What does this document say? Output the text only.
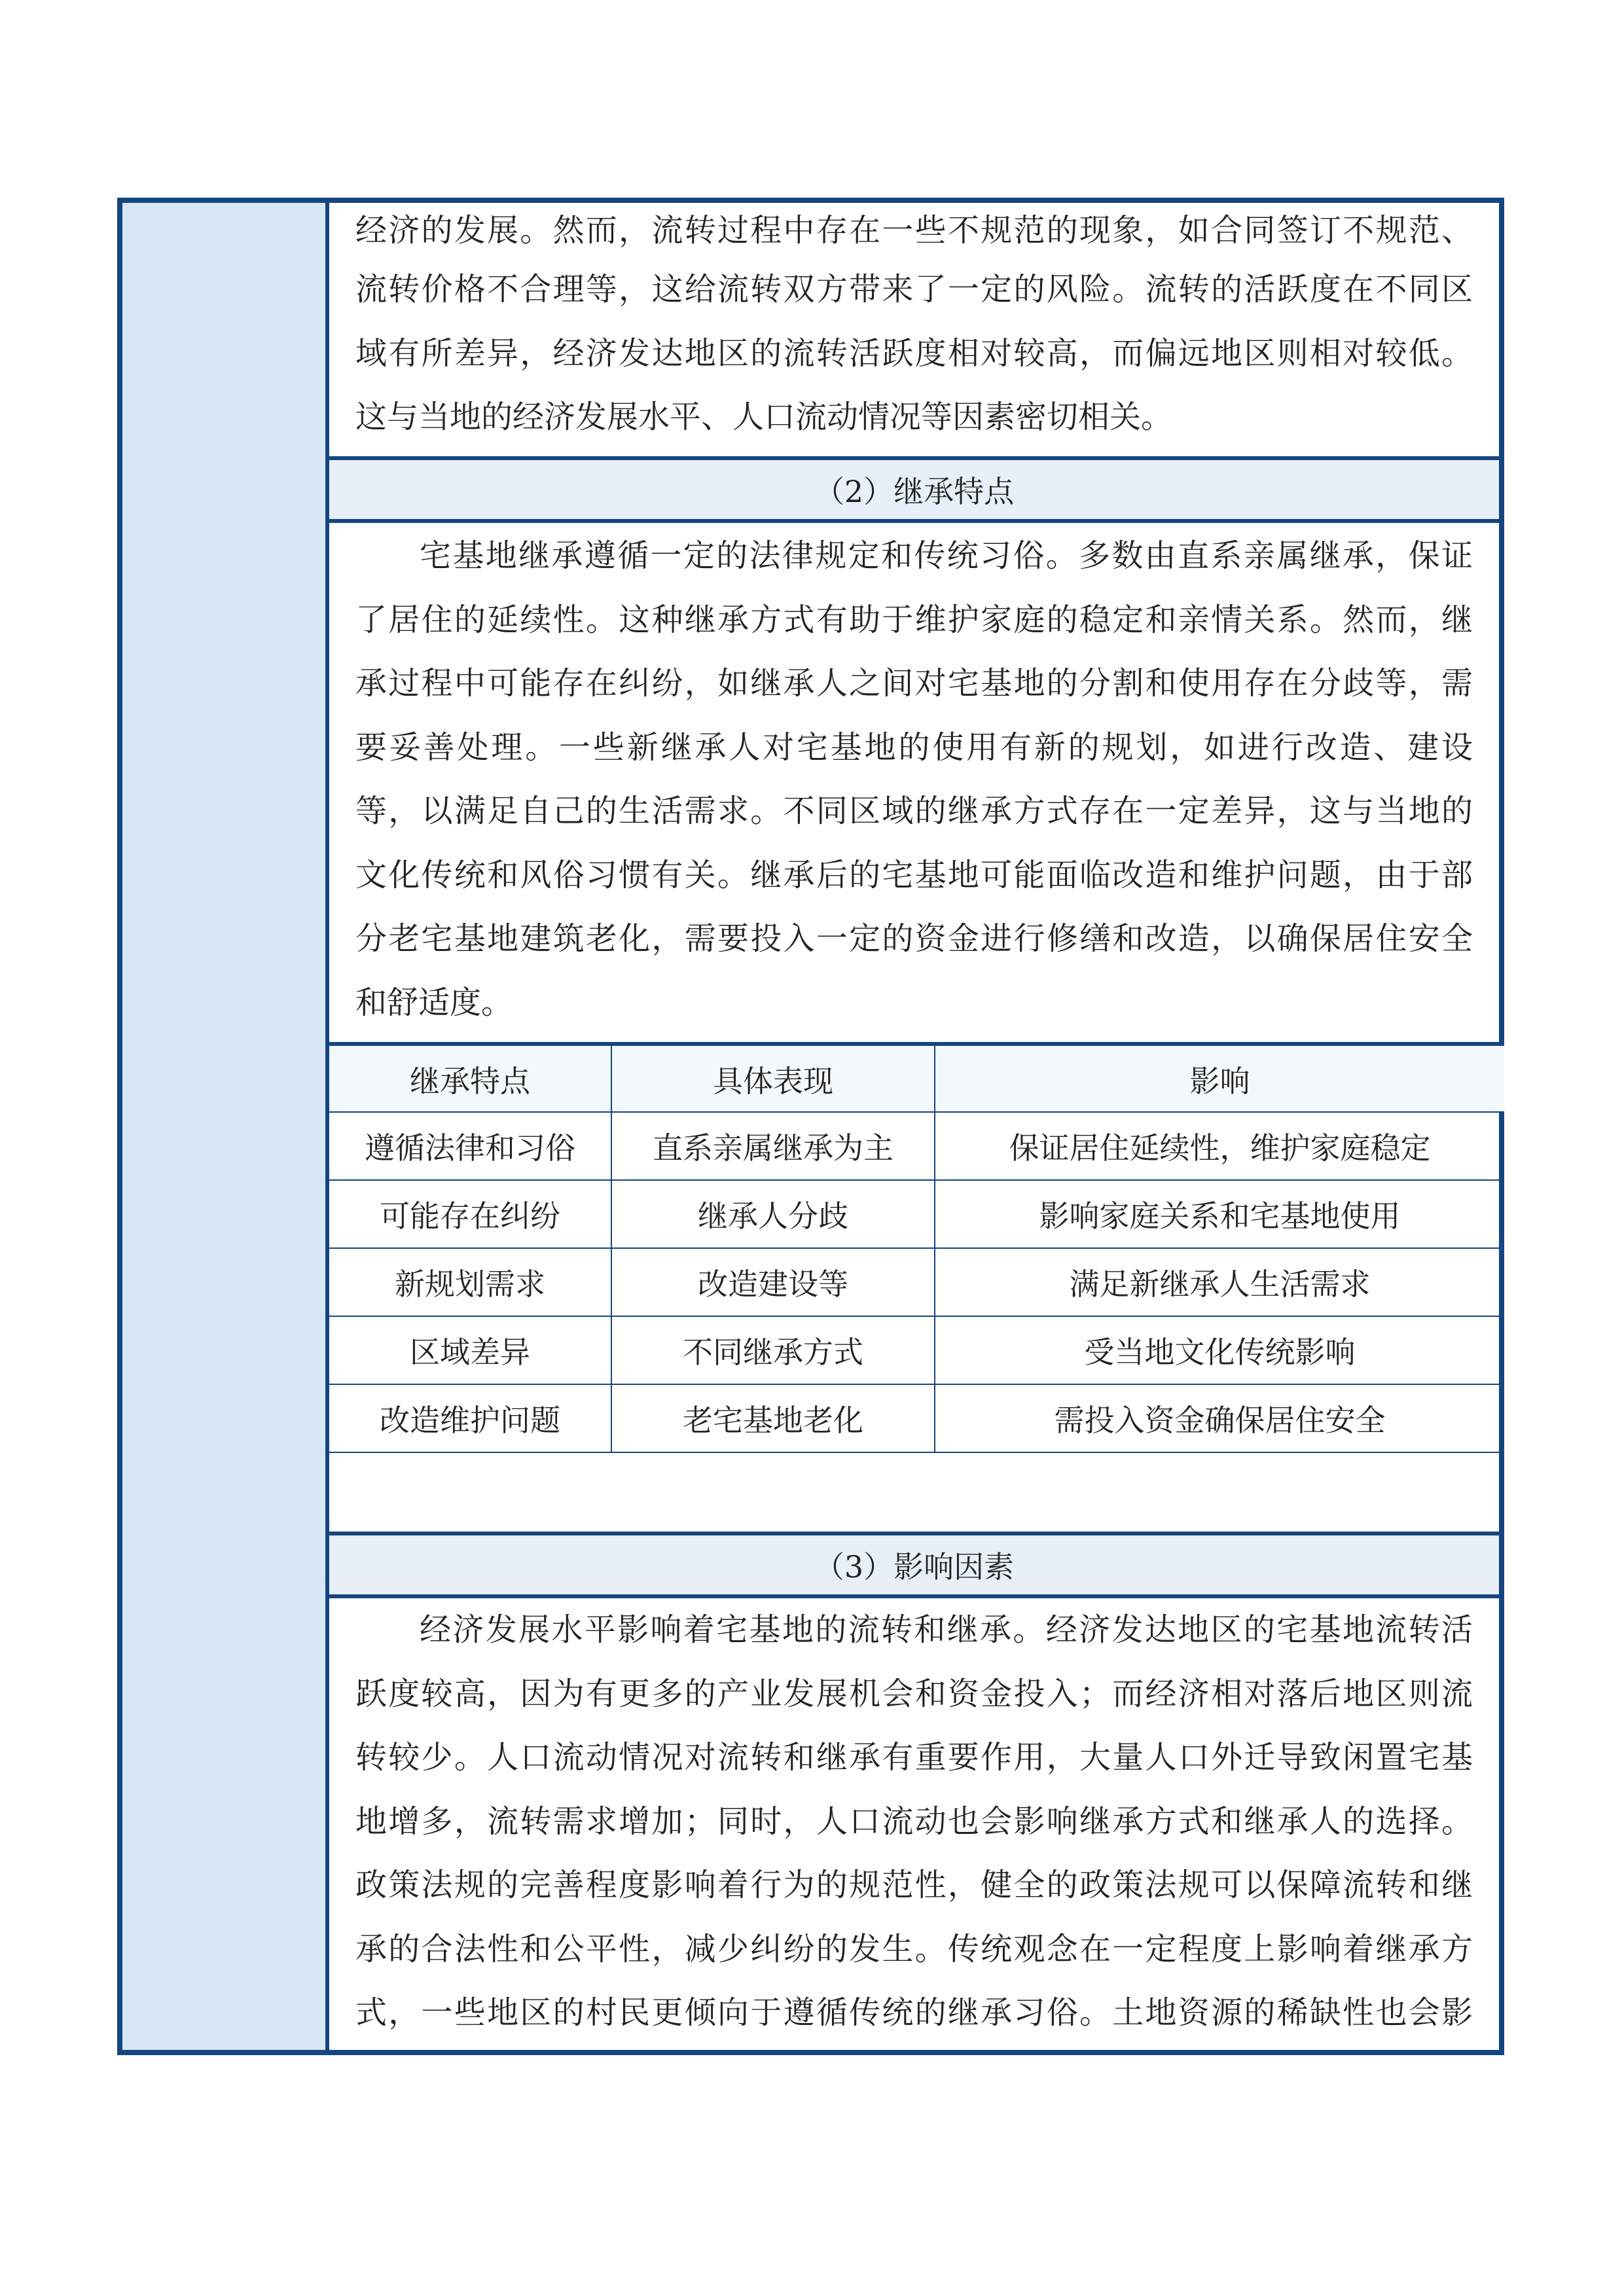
经济的发展。然而，流转过程中存在一些不规范的现象，如合同签订不规范、
流转价格不合理等，这给流转双方带来了一定的风险。流转的活跃度在不同区
域有所差异，经济发达地区的流转活跃度相对较高，而偏远地区则相对较低。
这与当地的经济发展水平、人口流动情况等因素密切相关。
（2）继承特点
宅基地继承遵循一定的法律规定和传统习俗。多数由直系亲属继承，保证
了居住的延续性。这种继承方式有助于维护家庭的稳定和亲情关系。然而，继
承过程中可能存在纠纷，如继承人之间对宅基地的分割和使用存在分歧等，需
要妥善处理。一些新继承人对宅基地的使用有新的规划，如进行改造、建设
等，以满足自己的生活需求。不同区域的继承方式存在一定差异，这与当地的
文化传统和风俗习惯有关。继承后的宅基地可能面临改造和维护问题，由于部
分老宅基地建筑老化，需要投入一定的资金进行修缮和改造，以确保居住安全
和舒适度。
继承特点	具体表现	影响
遵循法律和习俗	直系亲属继承为主	保证居住延续性，维护家庭稳定
可能存在纠纷	继承人分歧	影响家庭关系和宅基地使用
新规划需求	改造建设等	满足新继承人生活需求
区域差异	不同继承方式	受当地文化传统影响
改造维护问题	老宅基地老化	需投入资金确保居住安全
（3）影响因素
经济发展水平影响着宅基地的流转和继承。经济发达地区的宅基地流转活
跃度较高，因为有更多的产业发展机会和资金投入；而经济相对落后地区则流
转较少。人口流动情况对流转和继承有重要作用，大量人口外迁导致闲置宅基
地增多，流转需求增加；同时，人口流动也会影响继承方式和继承人的选择。
政策法规的完善程度影响着行为的规范性，健全的政策法规可以保障流转和继
承的合法性和公平性，减少纠纷的发生。传统观念在一定程度上影响着继承方
式，一些地区的村民更倾向于遵循传统的继承习俗。土地资源的稀缺性也会影
